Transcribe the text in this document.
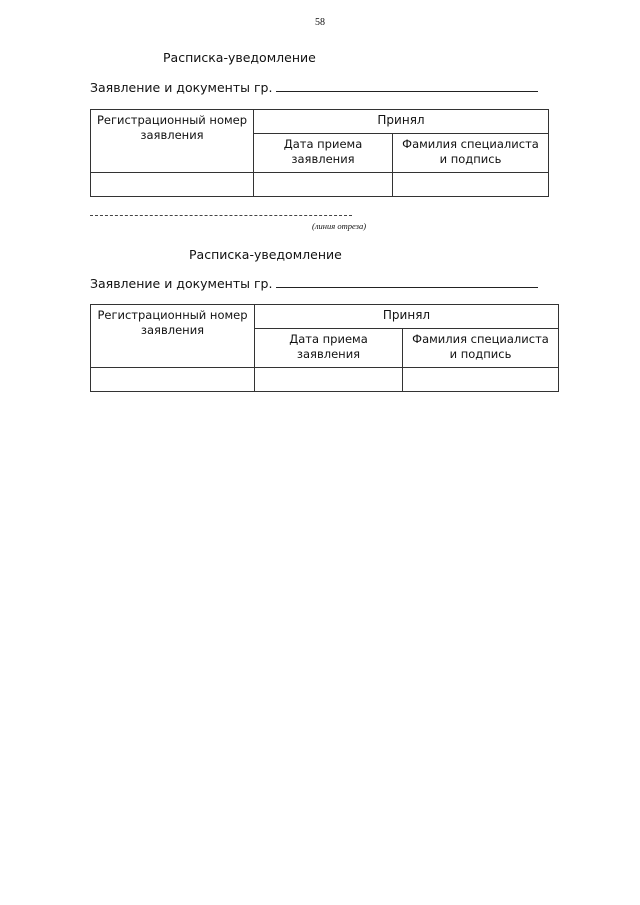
58
Расписка-уведомление
Заявление и документы гр.
Регистрационный номер заявления	Принял	
	Дата приема заявления	Фамилия специалиста и подпись

(линия отреза)
Расписка-уведомление
Заявление и документы гр.
Регистрационный номер заявления	Принял	
	Дата приема заявления	Фамилия специалиста и подпись
